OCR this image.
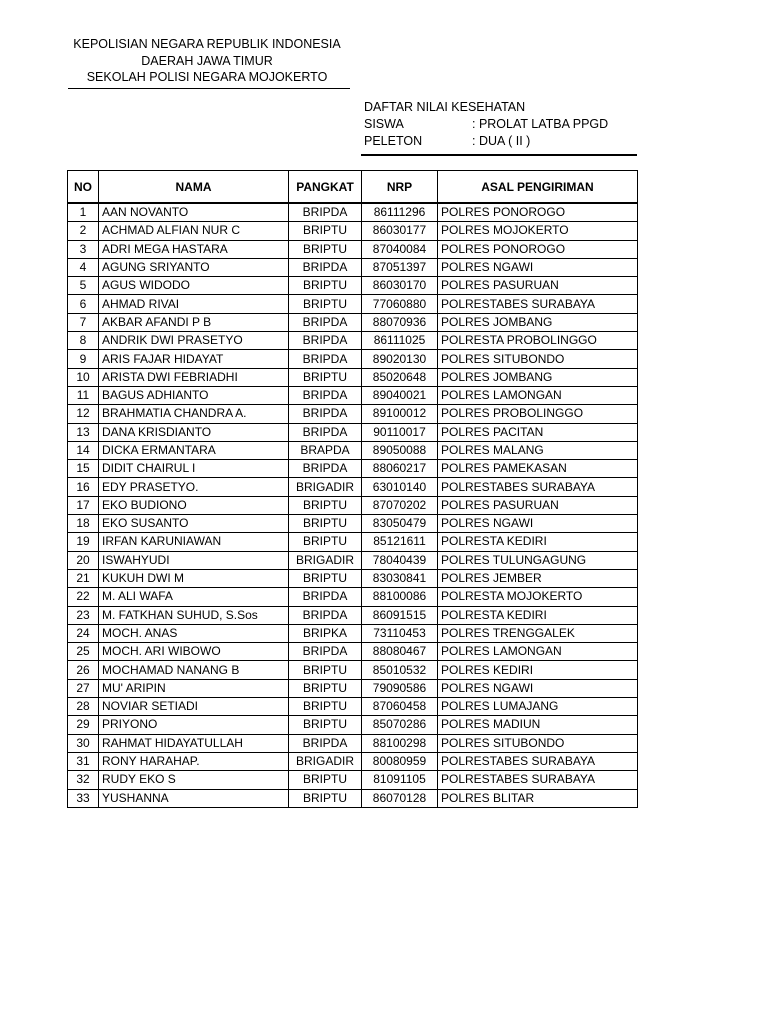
KEPOLISIAN NEGARA REPUBLIK INDONESIA
DAERAH JAWA TIMUR
SEKOLAH POLISI NEGARA MOJOKERTO
DAFTAR NILAI KESEHATAN
SISWA	: PROLAT LATBA PPGD
PELETON	: DUA ( II )
NO	NAMA	PANGKAT	NRP	ASAL PENGIRIMAN
1	AAN NOVANTO	BRIPDA	86111296	POLRES PONOROGO
2	ACHMAD ALFIAN NUR C	BRIPTU	86030177	POLRES MOJOKERTO
3	ADRI MEGA HASTARA	BRIPTU	87040084	POLRES PONOROGO
4	AGUNG SRIYANTO	BRIPDA	87051397	POLRES NGAWI
5	AGUS WIDODO	BRIPTU	86030170	POLRES PASURUAN
6	AHMAD RIVAI	BRIPTU	77060880	POLRESTABES SURABAYA
7	AKBAR AFANDI P B	BRIPDA	88070936	POLRES JOMBANG
8	ANDRIK DWI PRASETYO	BRIPDA	86111025	POLRESTA PROBOLINGGO
9	ARIS FAJAR HIDAYAT	BRIPDA	89020130	POLRES SITUBONDO
10	ARISTA DWI FEBRIADHI	BRIPTU	85020648	POLRES JOMBANG
11	BAGUS ADHIANTO	BRIPDA	89040021	POLRES LAMONGAN
12	BRAHMATIA CHANDRA A.	BRIPDA	89100012	POLRES PROBOLINGGO
13	DANA KRISDIANTO	BRIPDA	90110017	POLRES PACITAN
14	DICKA ERMANTARA	BRAPDA	89050088	POLRES MALANG
15	DIDIT CHAIRUL I	BRIPDA	88060217	POLRES PAMEKASAN
16	EDY PRASETYO.	BRIGADIR	63010140	POLRESTABES SURABAYA
17	EKO BUDIONO	BRIPTU	87070202	POLRES PASURUAN
18	EKO SUSANTO	BRIPTU	83050479	POLRES NGAWI
19	IRFAN KARUNIAWAN	BRIPTU	85121611	POLRESTA KEDIRI
20	ISWAHYUDI	BRIGADIR	78040439	POLRES TULUNGAGUNG
21	KUKUH DWI M	BRIPTU	83030841	POLRES JEMBER
22	M. ALI WAFA	BRIPDA	88100086	POLRESTA MOJOKERTO
23	M. FATKHAN SUHUD, S.Sos	BRIPDA	86091515	POLRESTA KEDIRI
24	MOCH. ANAS	BRIPKA	73110453	POLRES TRENGGALEK
25	MOCH. ARI WIBOWO	BRIPDA	88080467	POLRES LAMONGAN
26	MOCHAMAD NANANG B	BRIPTU	85010532	POLRES KEDIRI
27	MU' ARIPIN	BRIPTU	79090586	POLRES NGAWI
28	NOVIAR SETIADI	BRIPTU	87060458	POLRES LUMAJANG
29	PRIYONO	BRIPTU	85070286	POLRES MADIUN
30	RAHMAT HIDAYATULLAH	BRIPDA	88100298	POLRES SITUBONDO
31	RONY HARAHAP.	BRIGADIR	80080959	POLRESTABES SURABAYA
32	RUDY EKO S	BRIPTU	81091105	POLRESTABES SURABAYA
33	YUSHANNA	BRIPTU	86070128	POLRES BLITAR
